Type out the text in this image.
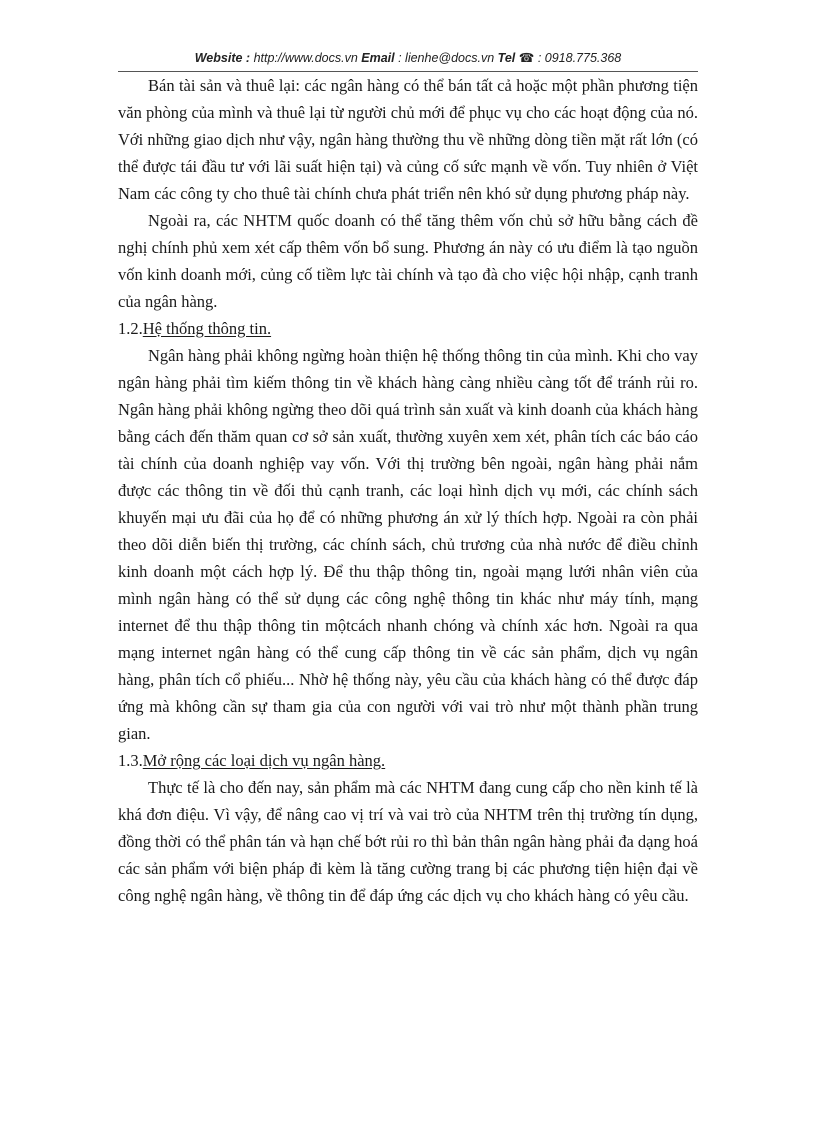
Website : http://www.docs.vn Email : lienhe@docs.vn Tel ☎ : 0918.775.368

Bán tài sản và thuê lại: các ngân hàng có thể bán tất cả hoặc một phần phương tiện văn phòng của mình và thuê lại từ người chủ mới để phục vụ cho các hoạt động của nó. Với những giao dịch như vậy, ngân hàng thường thu về những dòng tiền mặt rất lớn (có thể được tái đầu tư với lãi suất hiện tại) và củng cố sức mạnh về vốn. Tuy nhiên ở Việt Nam các công ty cho thuê tài chính chưa phát triển nên khó sử dụng phương pháp này.

Ngoài ra, các NHTM quốc doanh có thể tăng thêm vốn chủ sở hữu bằng cách đề nghị chính phủ xem xét cấp thêm vốn bổ sung. Phương án này có ưu điểm là tạo nguồn vốn kinh doanh mới, củng cố tiềm lực tài chính và tạo đà cho việc hội nhập, cạnh tranh của ngân hàng.

1.2. Hệ thống thông tin.

Ngân hàng phải không ngừng hoàn thiện hệ thống thông tin của mình. Khi cho vay ngân hàng phải tìm kiếm thông tin về khách hàng càng nhiều càng tốt để tránh rủi ro. Ngân hàng phải không ngừng theo dõi quá trình sản xuất và kinh doanh của khách hàng bằng cách đến thăm quan cơ sở sản xuất, thường xuyên xem xét, phân tích các báo cáo tài chính của doanh nghiệp vay vốn. Với thị trường bên ngoài, ngân hàng phải nắm được các thông tin về đối thủ cạnh tranh, các loại hình dịch vụ mới, các chính sách khuyến mại ưu đãi của họ để có những phương án xử lý thích hợp. Ngoài ra còn phải theo dõi diễn biến thị trường, các chính sách, chủ trương của nhà nước để điều chỉnh kinh doanh một cách hợp lý. Để thu thập thông tin, ngoài mạng lưới nhân viên của mình ngân hàng có thể sử dụng các công nghệ thông tin khác như máy tính, mạng internet để thu thập thông tin mộtcách nhanh chóng và chính xác hơn. Ngoài ra qua mạng internet ngân hàng có thể cung cấp thông tin về các sản phẩm, dịch vụ ngân hàng, phân tích cổ phiếu... Nhờ hệ thống này, yêu cầu của khách hàng có thể được đáp ứng mà không cần sự tham gia của con người với vai trò như một thành phần trung gian.

1.3. Mở rộng các loại dịch vụ ngân hàng.

Thực tế là cho đến nay, sản phẩm mà các NHTM đang cung cấp cho nền kinh tế là khá đơn điệu. Vì vậy, để nâng cao vị trí và vai trò của NHTM trên thị trường tín dụng, đồng thời có thể phân tán và hạn chế bớt rủi ro thì bản thân ngân hàng phải đa dạng hoá các sản phẩm với biện pháp đi kèm là tăng cường trang bị các phương tiện hiện đại về công nghệ ngân hàng, về thông tin để đáp ứng các dịch vụ cho khách hàng có yêu cầu.
